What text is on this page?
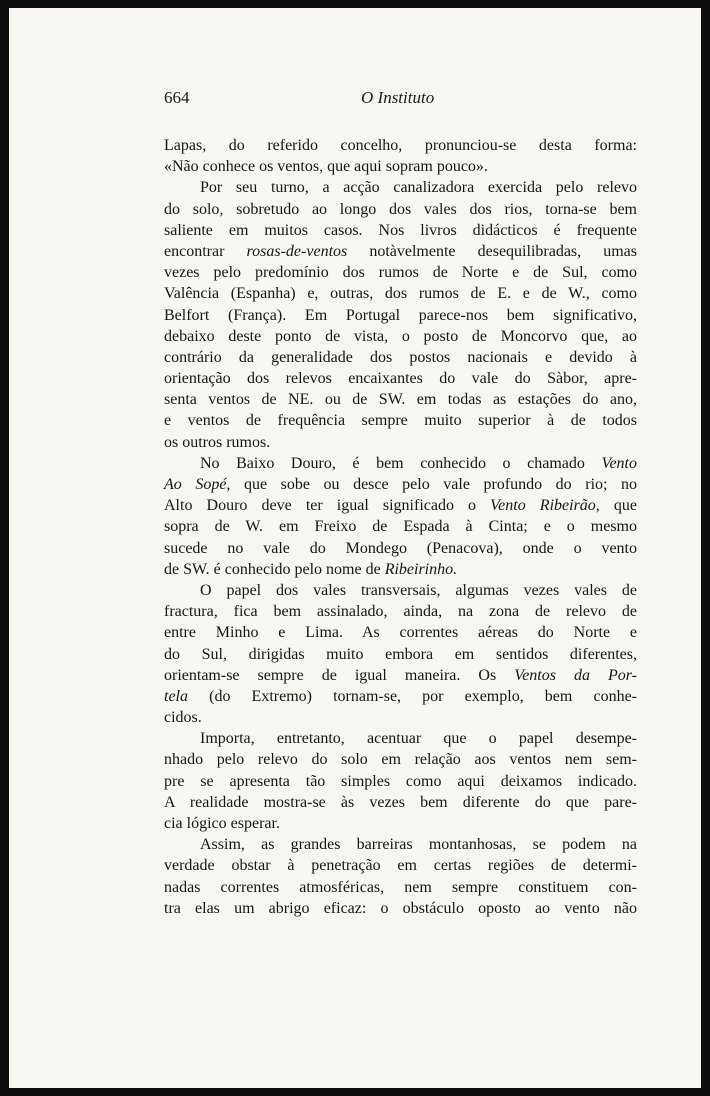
664	O Instituto
Lapas, do referido concelho, pronunciou-se desta forma:
«Não conhece os ventos, que aqui sopram pouco».
Por seu turno, a acção canalizadora exercida pelo relevo
do solo, sobretudo ao longo dos vales dos rios, torna-se bem
saliente em muitos casos. Nos livros didácticos é frequente
encontrar rosas-de-ventos notàvelmente desequilibradas, umas
vezes pelo predomínio dos rumos de Norte e de Sul, como
Valência (Espanha) e, outras, dos rumos de E. e de W., como
Belfort (França). Em Portugal parece-nos bem significativo,
debaixo deste ponto de vista, o posto de Moncorvo que, ao
contrário da generalidade dos postos nacionais e devido à
orientação dos relevos encaixantes do vale do Sàbor, apre-
senta ventos de NE. ou de SW. em todas as estações do ano,
e ventos de frequência sempre muito superior à de todos
os outros rumos.
No Baixo Douro, é bem conhecido o chamado Vento
Ao Sopé, que sobe ou desce pelo vale profundo do rio; no
Alto Douro deve ter igual significado o Vento Ribeirão, que
sopra de W. em Freixo de Espada à Cinta; e o mesmo
sucede no vale do Mondego (Penacova), onde o vento
de SW. é conhecido pelo nome de Ribeirinho.
O papel dos vales transversais, algumas vezes vales de
fractura, fica bem assinalado, ainda, na zona de relevo de
entre Minho e Lima. As correntes aéreas do Norte e
do Sul, dirigidas muito embora em sentidos diferentes,
orientam-se sempre de igual maneira. Os Ventos da Por-
tela (do Extremo) tornam-se, por exemplo, bem conhe-
cidos.
Importa, entretanto, acentuar que o papel desempe-
nhado pelo relevo do solo em relação aos ventos nem sem-
pre se apresenta tão simples como aqui deixamos indicado.
A realidade mostra-se às vezes bem diferente do que pare-
cia lógico esperar.
Assim, as grandes barreiras montanhosas, se podem na
verdade obstar à penetração em certas regiões de determi-
nadas correntes atmosféricas, nem sempre constituem con-
tra elas um abrigo eficaz: o obstáculo oposto ao vento não
